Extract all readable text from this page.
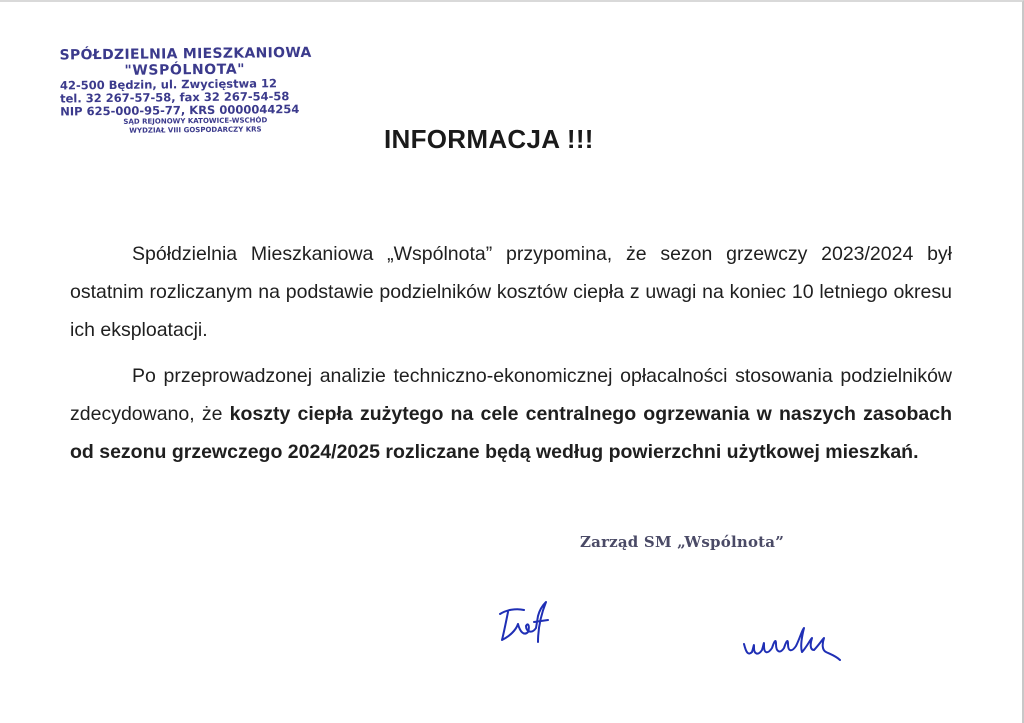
SPÓŁDZIELNIA MIESZKANIOWA
"WSPÓLNOTA"
42-500 Będzin, ul. Zwycięstwa 12
tel. 32 267-57-58, fax 32 267-54-58
NIP 625-000-95-77, KRS 0000044254
SĄD REJONOWY KATOWICE-WSCHÓD
WYDZIAŁ VIII GOSPODARCZY KRS	INFORMACJA !!!
Spółdzielnia Mieszkaniowa „Wspólnota” przypomina, że sezon grzewczy 2023/2024 był ostatnim rozliczanym na podstawie podzielników kosztów ciepła z uwagi na koniec 10 letniego okresu ich eksploatacji.
Po przeprowadzonej analizie techniczno-ekonomicznej opłacalności stosowania podzielników zdecydowano, że koszty ciepła zużytego na cele centralnego ogrzewania w naszych zasobach od sezonu grzewczego 2024/2025 rozliczane będą według powierzchni użytkowej mieszkań.
Zarząd SM „Wspólnota”
